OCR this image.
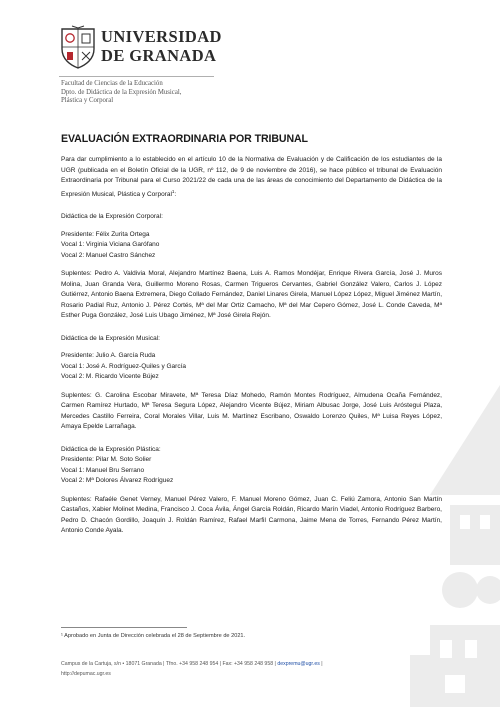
UNIVERSIDAD
DE GRANADA
Facultad de Ciencias de la Educación
Dpto. de Didáctica de la Expresión Musical,
Plástica y Corporal
EVALUACIÓN EXTRAORDINARIA POR TRIBUNAL

Para dar cumplimiento a lo establecido en el artículo 10 de la Normativa de Evaluación y de Calificación de los estudiantes de la UGR (publicada en el Boletín Oficial de la UGR, nº 112, de 9 de noviembre de 2016), se hace público el tribunal de Evaluación Extraordinaria por Tribunal para el Curso 2021/22 de cada una de las áreas de conocimiento del Departamento de Didáctica de la Expresión Musical, Plástica y Corporal$^1$:

Didáctica de la Expresión Corporal:

Presidente: Félix Zurita Ortega
Vocal 1: Virginia Viciana Garófano
Vocal 2: Manuel Castro Sánchez

Suplentes: Pedro A. Valdivia Moral, Alejandro Martínez Baena, Luis A. Ramos Mondéjar, Enrique Rivera García, José J. Muros Molina, Juan Granda Vera, Guillermo Moreno Rosas, Carmen Trigueros Cervantes, Gabriel González Valero, Carlos J. López Gutiérrez, Antonio Baena Extremera, Diego Collado Fernández, Daniel Linares Girela, Manuel López López, Miguel Jiménez Martín, Rosario Padial Ruz, Antonio J. Pérez Cortés, Mª del Mar Ortiz Camacho, Mª del Mar Cepero Gómez, José L. Conde Caveda, Mª Esther Puga González, José Luis Ubago Jiménez, Mª José Girela Rejón.

Didáctica de la Expresión Musical:

Presidente: Julio A. García Ruda
Vocal 1: José A. Rodríguez-Quiles y García
Vocal 2: M. Ricardo Vicente Bújez

Suplentes: G. Carolina Escobar Miravete, Mª Teresa Díaz Mohedo, Ramón Montes Rodríguez, Almudena Ocaña Fernández, Carmen Ramírez Hurtado, Mª Teresa Segura López, Alejandro Vicente Bújez, Miriam Albusac Jorge, José Luis Aróstegui Plaza, Mercedes Castillo Ferreira, Coral Morales Villar, Luis M. Martínez Escribano, Oswaldo Lorenzo Quiles, Mª Luisa Reyes López, Amaya Epelde Larrañaga.

Didáctica de la Expresión Plástica:

Presidente: Pilar M. Soto Solier
Vocal 1: Manuel Bru Serrano
Vocal 2: Mª Dolores Álvarez Rodríguez

Suplentes: Rafaéle Genet Verney, Manuel Pérez Valero, F. Manuel Moreno Gómez, Juan C. Feliú Zamora, Antonio San Martín Castaños, Xabier Molinet Medina, Francisco J. Coca Ávila, Ángel García Roldán, Ricardo Marín Viadel, Antonio Rodríguez Barbero, Pedro D. Chacón Gordillo, Joaquín J. Roldán Ramírez, Rafael Marfil Carmona, Jaime Mena de Torres, Fernando Pérez Martín, Antonio Conde Ayala.

¹ Aprobado en Junta de Dirección celebrada el 28 de Septiembre de 2021.
Campus de la Cartuja, s/n • 18071 Granada | Tfno. +34 958 248 954 | Fax: +34 958 248 958 | dexpremu@ugr.es |
http://depumac.ugr.es
